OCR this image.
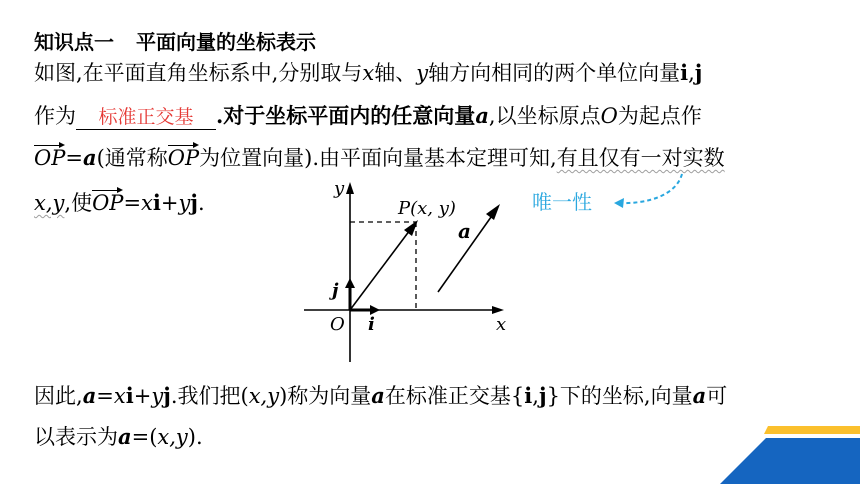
知识点一 平面向量的坐标表示
如图,在平面直角坐标系中,分别取与x轴、y轴方向相同的两个单位向量i,j
作为 标准正交基 .对于坐标平面内的任意向量a,以坐标原点O为起点作
OP=a(通常称OP为位置向量).由平面向量基本定理可知,有且仅有一对实数
x,y,使OP=xi+yj.	唯一性
y
x
O i
j
P(x, y)
a
因此,a=xi+yj.我们把(x,y)称为向量a在标准正交基{i,j}下的坐标,向量a可
以表示为a=(x,y).
